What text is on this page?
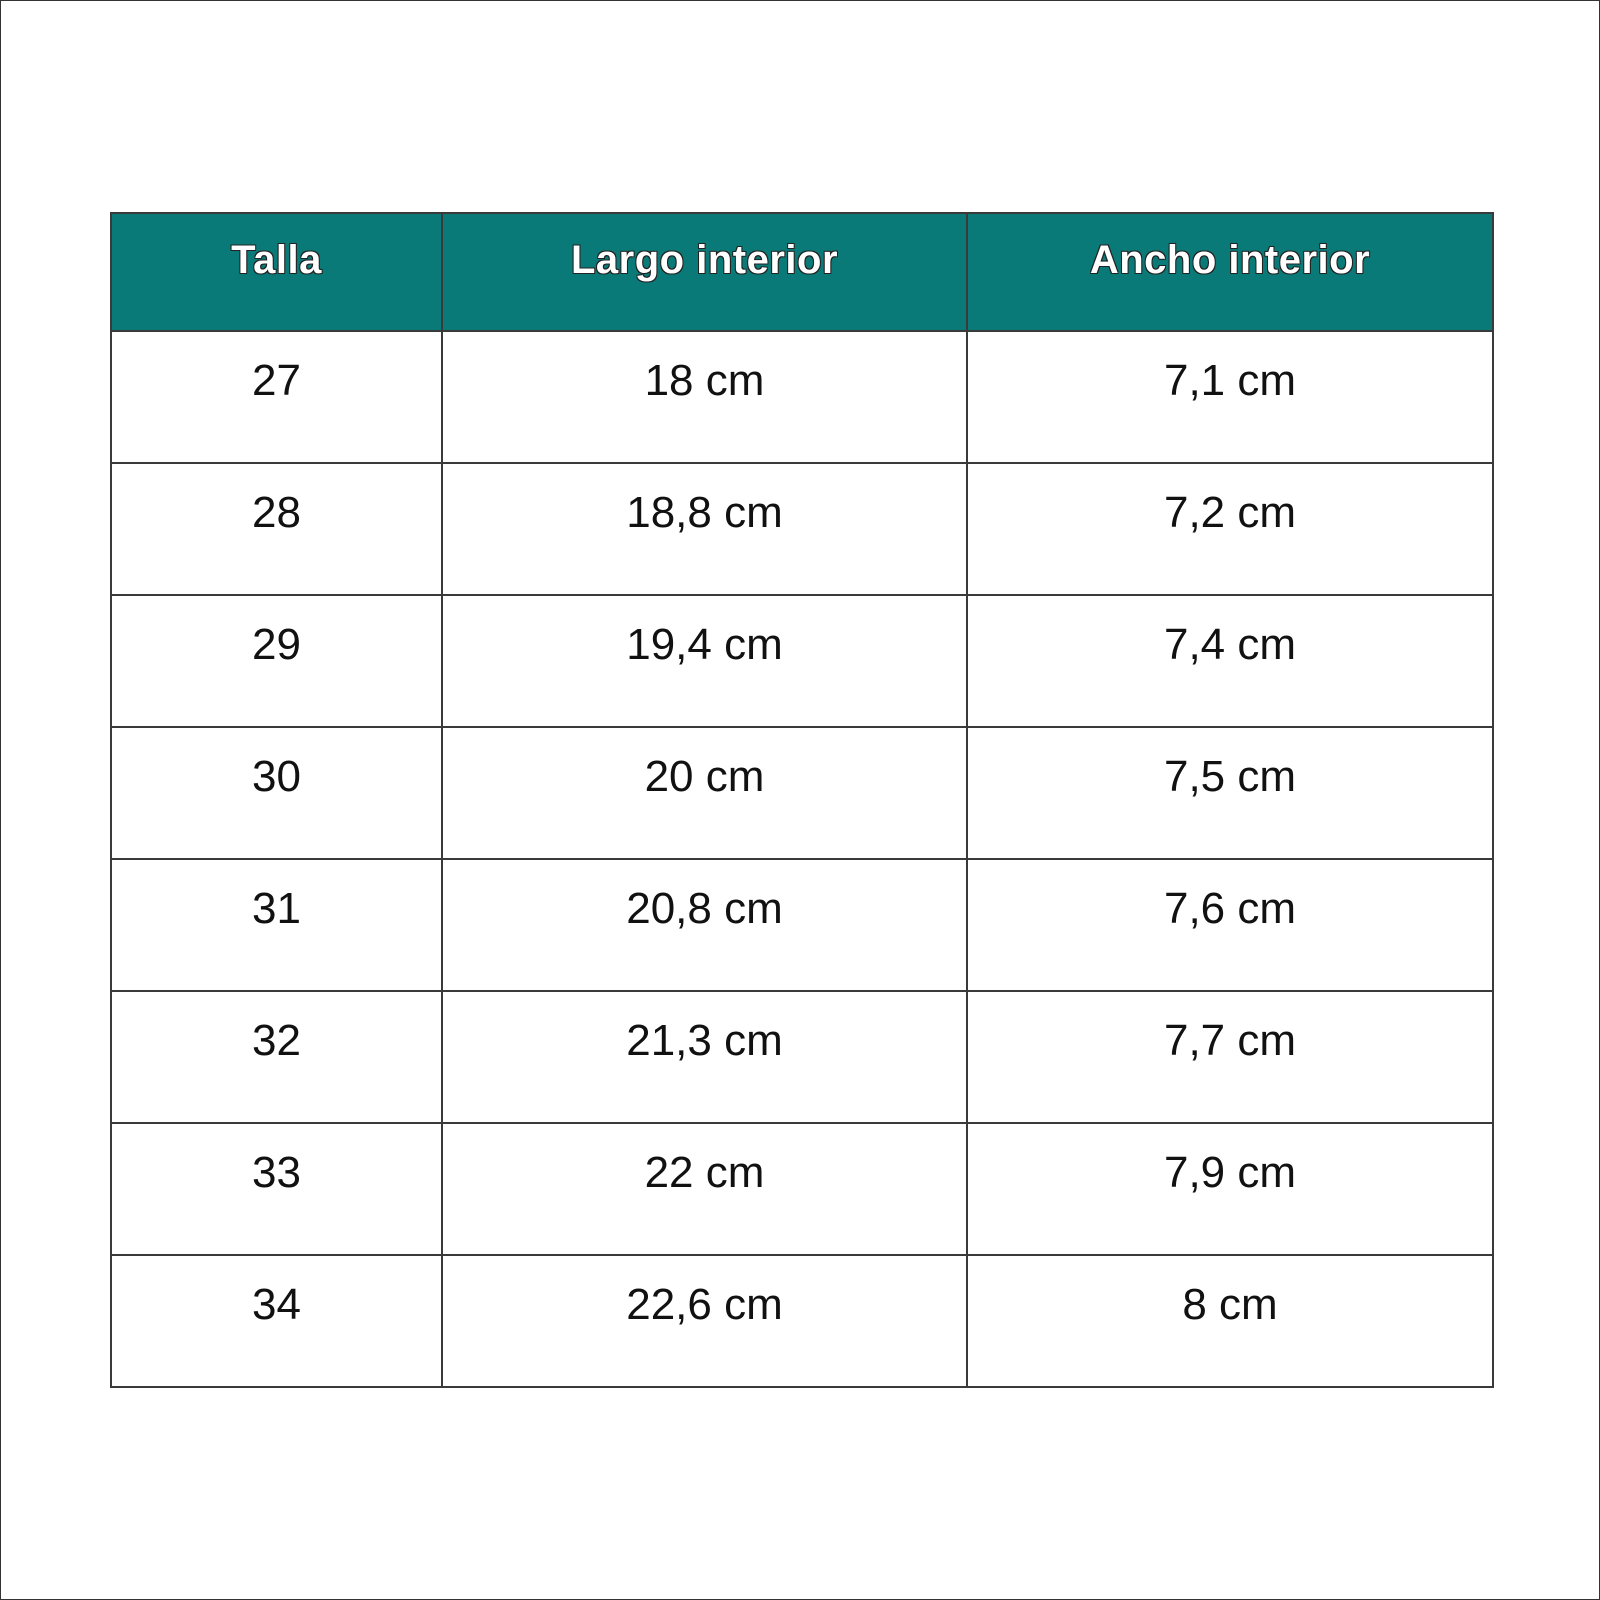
Talla	Largo interior	Ancho interior
27	18 cm	7,1 cm
28	18,8 cm	7,2 cm
29	19,4 cm	7,4 cm
30	20 cm	7,5 cm
31	20,8 cm	7,6 cm
32	21,3 cm	7,7 cm
33	22 cm	7,9 cm
34	22,6 cm	8 cm
